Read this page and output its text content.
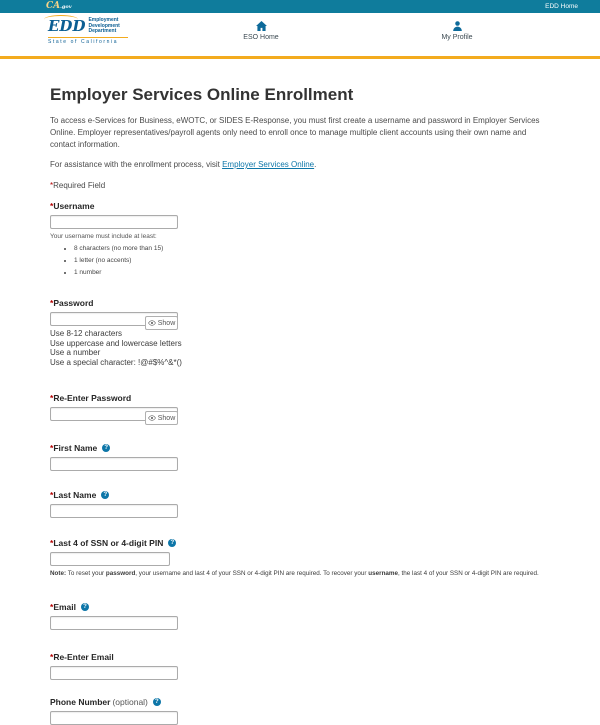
CA.gov	EDD Home
EDD Employment
Development
Department
State of California
ESO Home	My Profile
Employer Services Online Enrollment

To access e-Services for Business, eWOTC, or SIDES E-Response, you must first create a username and password in Employer Services Online. Employer representatives/payroll agents only need to enroll once to manage multiple client accounts using their own name and contact information.

For assistance with the enrollment process, visit Employer Services Online.

*Required Field

* Username
Your username must include at least:
• 8 characters (no more than 15)
• 1 letter (no accents)
• 1 number
* Password
Show
Use 8-12 characters
Use uppercase and lowercase letters
Use a number
Use a special character: !@#$%^&*()
* Re-Enter Password
Show
* First Name
?
* Last Name
?
* Last 4 of SSN or 4-digit PIN
?

Note: To reset your password, your username and last 4 of your SSN or 4-digit PIN are required. To recover your username, the last 4 of your SSN or 4-digit PIN are required.

* Email
?
* Re-Enter Email
Phone Number (optional)
?
